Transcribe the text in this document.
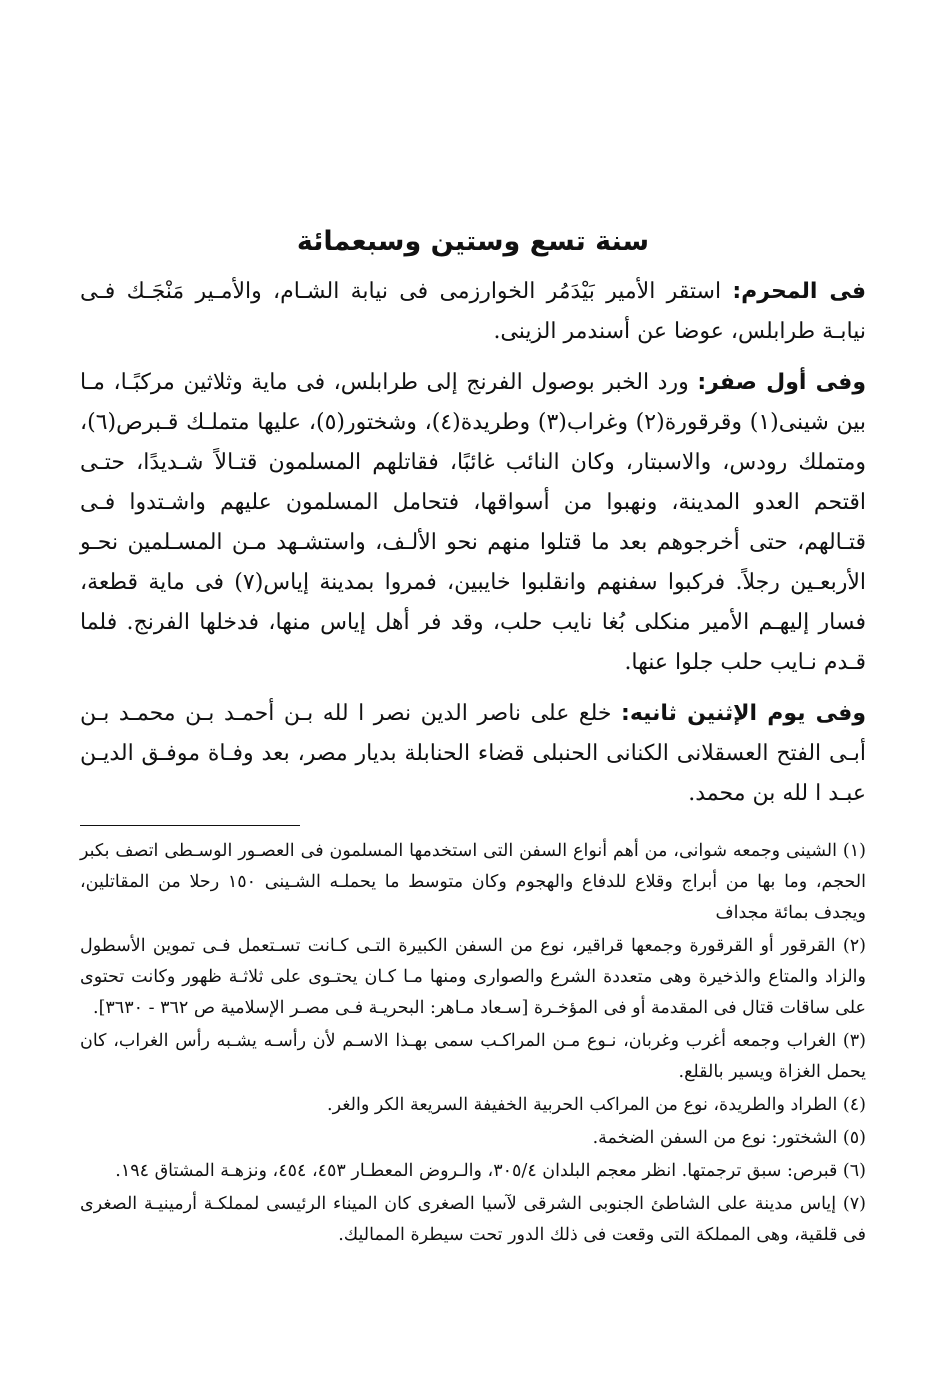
سنة تسع وستين وسبعمائة

فى المحرم: استقر الأمير بَيْدَمُر الخوارزمى فى نيابة الشـام، والأمـير مَنْجَـك فـى نيابـة طرابلس، عوضا عن أسندمر الزينى.

وفى أول صفر: ورد الخبر بوصول الفرنج إلى طرابلس، فى ماية وثلاثين مركبًـا، مـا بين شينى(١) وقرقورة(٢) وغراب(٣) وطريدة(٤)، وشختور(٥)، عليها متملـك قـبرص(٦)، ومتملك رودس، والاسبتار، وكان النائب غائبًا، فقاتلهم المسلمون قتـالاً شـديدًا، حتـى اقتحم العدو المدينة، ونهبوا من أسواقها، فتحامل المسلمون عليهم واشـتدوا فـى قتـالهم، حتى أخرجوهم بعد ما قتلوا منهم نحو الألـف، واستشـهد مـن المسـلمين نحـو الأربعـين رجلاً. فركبوا سفنهم وانقلبوا خايبين، فمروا بمدينة إياس(٧) فى ماية قطعة، فسار إليهـم الأمير منكلى بُغا نايب حلب، وقد فر أهل إياس منها، فدخلها الفرنج. فلما قـدم نـايب حلب جلوا عنها.

وفى يوم الإثنين ثانيه: خلع على ناصر الدين نصر ا لله بـن أحمـد بـن محمـد بـن أبـى الفتح العسقلانى الكنانى الحنبلى قضاء الحنابلة بديار مصر، بعد وفـاة موفـق الديـن عبـد ا لله بن محمد.

(١) الشينى وجمعه شوانى، من أهم أنواع السفن التى استخدمها المسلمون فى العصـور الوسـطى اتصف بكبر الحجم، وما بها من أبراج وقلاع للدفاع والهجوم وكان متوسط ما يحملـه الشـينى ١٥٠ رحلا من المقاتلين، ويجدف بمائة مجداف

(٢) القرقور أو القرقورة وجمعها قراقير، نوع من السفن الكبيرة التـى كـانت تسـتعمل فـى تموين الأسطول والزاد والمتاع والذخيرة وهى متعددة الشرع والصوارى ومنها مـا كـان يحتـوى على ثلاثـة ظهور وكانت تحتوى على ساقات قتال فى المقدمة أو فى المؤخـرة [سـعاد مـاهر: البحريـة فـى مصـر الإسلامية ص ٣٦٢ - ٣٦٣٠].

(٣) الغراب وجمعه أغرب وغربان، نـوع مـن المراكـب سمى بهـذا الاسـم لأن رأسـه يشـبه رأس الغراب، كان يحمل الغزاة ويسير بالقلع.

(٤) الطراد والطريدة، نوع من المراكب الحربية الخفيفة السريعة الكر والغر.

(٥) الشختور: نوع من السفن الضخمة.

(٦) قبرص: سبق ترجمتها. انظر معجم البلدان ٣٠٥/٤، والـروض المعطـار ٤٥٣، ٤٥٤، ونزهـة المشتاق ١٩٤.

(٧) إياس مدينة على الشاطئ الجنوبى الشرقى لآسيا الصغرى كان الميناء الرئيسى لمملكـة أرمينيـة الصغرى فى قلقية، وهى المملكة التى وقعت فى ذلك الدور تحت سيطرة المماليك.
